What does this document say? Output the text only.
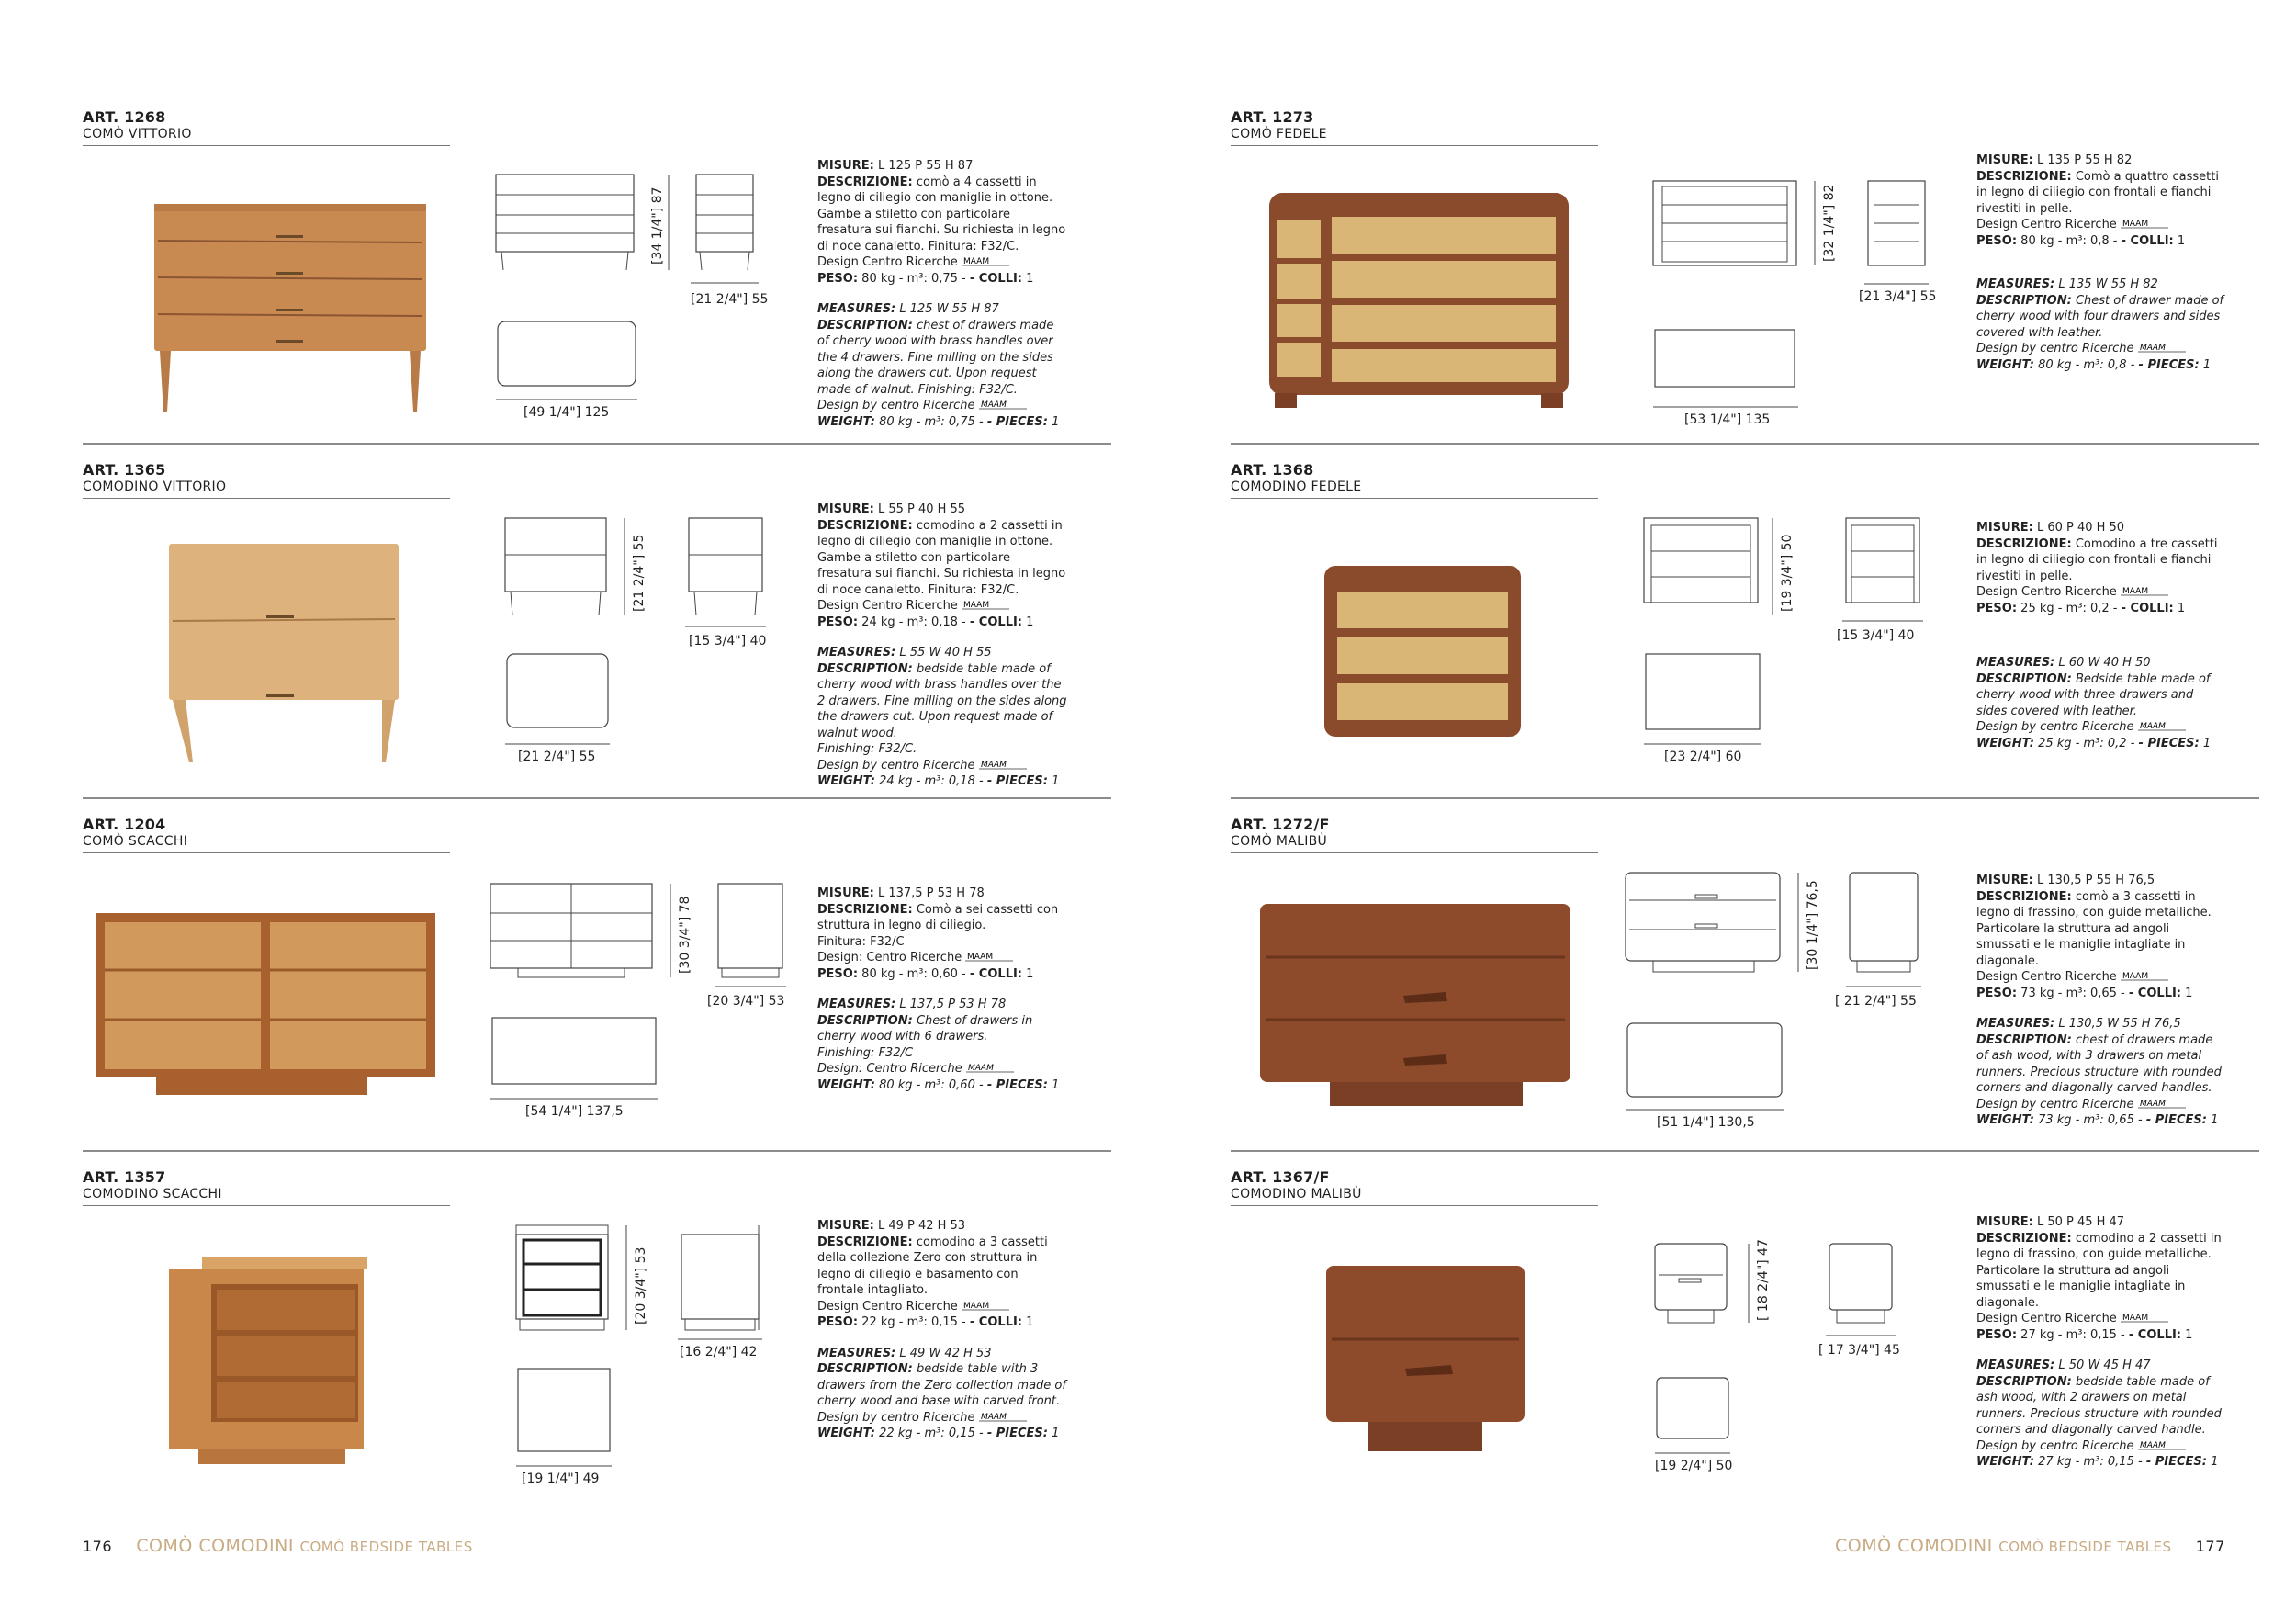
ART. 1268
COMÒ VITTORIO
[34 1/4"] 87
[21 2/4"] 55
[49 1/4"] 125

MISURE: L 125 P 55 H 87
DESCRIZIONE: comò a 4 cassetti in legno di ciliegio con maniglie in ottone. Gambe a stiletto con particolare fresatura sui fianchi. Su richiesta in legno di noce canaletto. Finitura: F32/C.
Design Centro Ricerche MAAM

PESO: 80 kg - m³: 0,75 - - COLLI: 1

MEASURES: L 125 W 55 H 87
DESCRIPTION: chest of drawers made of cherry wood with brass handles over the 4 drawers. Fine milling on the sides along the drawers cut. Upon request made of walnut. Finishing: F32/C.
Design by centro Ricerche MAAM

WEIGHT: 80 kg - m³: 0,75 - - PIECES: 1

ART. 1273
COMÒ FEDELE
[32 1/4"] 82
[21 3/4"] 55
[53 1/4"] 135

MISURE: L 135 P 55 H 82
DESCRIZIONE: Comò a quattro cassetti in legno di ciliegio con frontali e fianchi rivestiti in pelle.
Design Centro Ricerche MAAM

PESO: 80 kg - m³: 0,8 - - COLLI: 1

MEASURES: L 135 W 55 H 82
DESCRIPTION: Chest of drawer made of cherry wood with four drawers and sides covered with leather.
Design by centro Ricerche MAAM

WEIGHT: 80 kg - m³: 0,8 - - PIECES: 1

ART. 1365
COMODINO VITTORIO
[21 2/4"] 55
[15 3/4"] 40
[21 2/4"] 55

MISURE: L 55 P 40 H 55
DESCRIZIONE: comodino a 2 cassetti in legno di ciliegio con maniglie in ottone. Gambe a stiletto con particolare fresatura sui fianchi. Su richiesta in legno di noce canaletto. Finitura: F32/C.
Design Centro Ricerche MAAM

PESO: 24 kg - m³: 0,18 - - COLLI: 1

MEASURES: L 55 W 40 H 55
DESCRIPTION: bedside table made of cherry wood with brass handles over the 2 drawers. Fine milling on the sides along the drawers cut. Upon request made of walnut wood.
Finishing: F32/C.
Design by centro Ricerche MAAM

WEIGHT: 24 kg - m³: 0,18 - - PIECES: 1

ART. 1368
COMODINO FEDELE
[19 3/4"] 50
[15 3/4"] 40
[23 2/4"] 60

MISURE: L 60 P 40 H 50
DESCRIZIONE: Comodino a tre cassetti in legno di ciliegio con frontali e fianchi rivestiti in pelle.
Design Centro Ricerche MAAM

PESO: 25 kg - m³: 0,2 - - COLLI: 1

MEASURES: L 60 W 40 H 50
DESCRIPTION: Bedside table made of cherry wood with three drawers and sides covered with leather.
Design by centro Ricerche MAAM

WEIGHT: 25 kg - m³: 0,2 - - PIECES: 1

ART. 1204
COMÒ SCACCHI
[30 3/4"] 78
[20 3/4"] 53
[54 1/4"] 137,5

MISURE: L 137,5 P 53 H 78
DESCRIZIONE: Comò a sei cassetti con struttura in legno di ciliegio.
Finitura: F32/C
Design: Centro Ricerche MAAM

PESO: 80 kg - m³: 0,60 - - COLLI: 1

MEASURES: L 137,5 P 53 H 78
DESCRIPTION: Chest of drawers in cherry wood with 6 drawers.
Finishing: F32/C
Design: Centro Ricerche MAAM

WEIGHT: 80 kg - m³: 0,60 - - PIECES: 1

ART. 1272/F
COMÒ MALIBÙ
[30 1/4"] 76,5
[ 21 2/4"] 55
[51 1/4"] 130,5

MISURE: L 130,5 P 55 H 76,5
DESCRIZIONE: comò a 3 cassetti in legno di frassino, con guide metalliche. Particolare la struttura ad angoli smussati e le maniglie intagliate in diagonale.
Design Centro Ricerche MAAM

PESO: 73 kg - m³: 0,65 - - COLLI: 1

MEASURES: L 130,5 W 55 H 76,5
DESCRIPTION: chest of drawers made of ash wood, with 3 drawers on metal runners. Precious structure with rounded corners and diagonally carved handles.
Design by centro Ricerche MAAM

WEIGHT: 73 kg - m³: 0,65 - - PIECES: 1

ART. 1357
COMODINO SCACCHI
[20 3/4"] 53
[16 2/4"] 42
[19 1/4"] 49

MISURE: L 49 P 42 H 53
DESCRIZIONE: comodino a 3 cassetti della collezione Zero con struttura in legno di ciliegio e basamento con frontale intagliato.
Design Centro Ricerche MAAM

PESO: 22 kg - m³: 0,15 - - COLLI: 1

MEASURES: L 49 W 42 H 53
DESCRIPTION: bedside table with 3 drawers from the Zero collection made of cherry wood and base with carved front.
Design by centro Ricerche MAAM

WEIGHT: 22 kg - m³: 0,15 - - PIECES: 1

ART. 1367/F
COMODINO MALIBÙ
[ 18 2/4"] 47
[ 17 3/4"] 45
[19 2/4"] 50

MISURE: L 50 P 45 H 47
DESCRIZIONE: comodino a 2 cassetti in legno di frassino, con guide metalliche. Particolare la struttura ad angoli smussati e le maniglie intagliate in diagonale.
Design Centro Ricerche MAAM

PESO: 27 kg - m³: 0,15 - - COLLI: 1

MEASURES: L 50 W 45 H 47
DESCRIPTION: bedside table made of ash wood, with 2 drawers on metal runners. Precious structure with rounded corners and diagonally carved handle.
Design by centro Ricerche MAAM

WEIGHT: 27 kg - m³: 0,15 - - PIECES: 1

176 COMÒ COMODINI COMÒ BEDSIDE TABLES	COMÒ COMODINI COMÒ BEDSIDE TABLES 177
